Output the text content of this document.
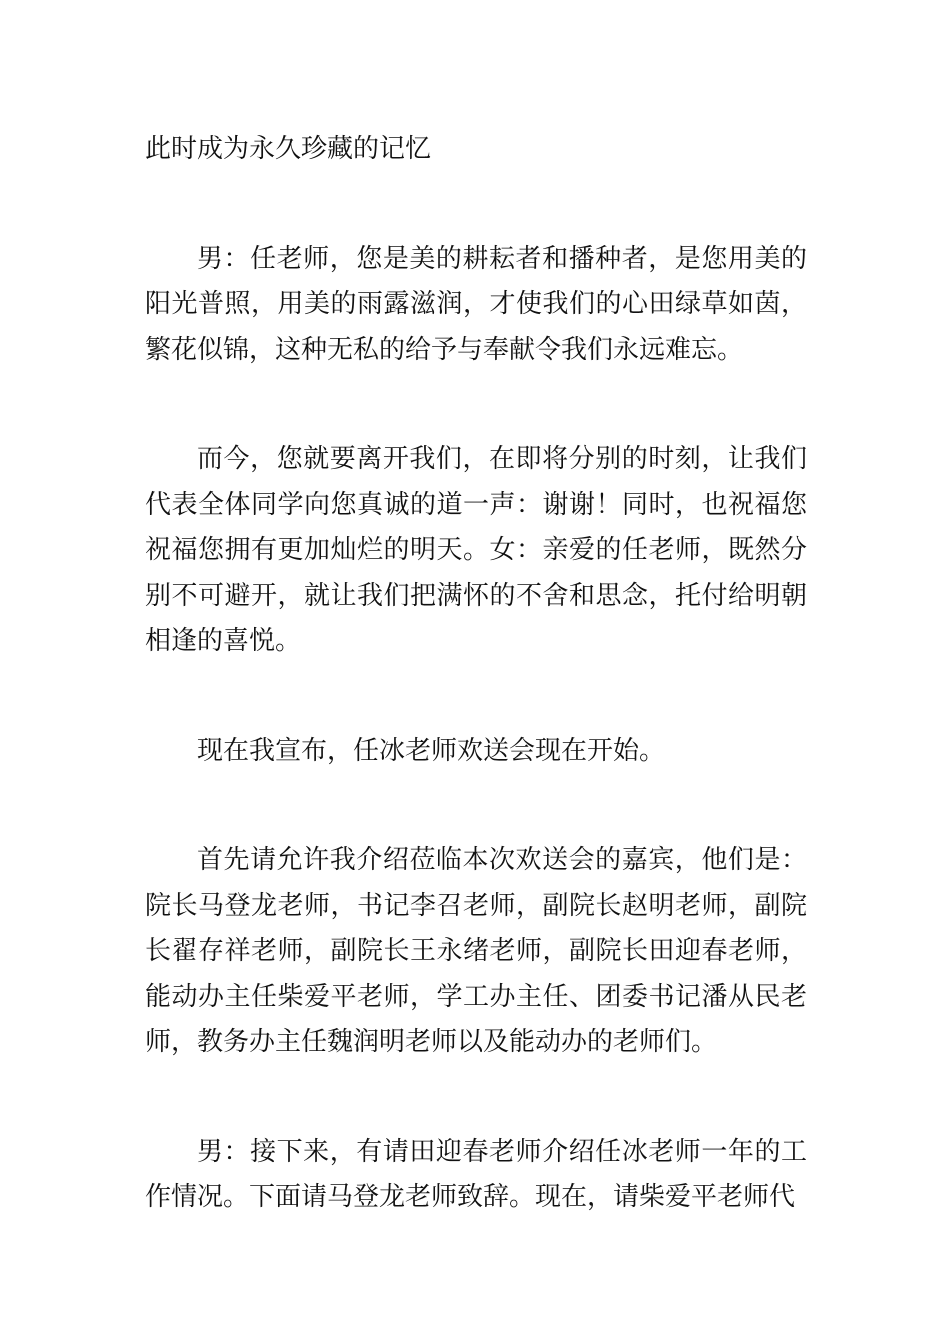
此时成为永久珍藏的记忆

男：任老师，您是美的耕耘者和播种者，是您用美的阳光普照，用美的雨露滋润，才使我们的心田绿草如茵，繁花似锦，这种无私的给予与奉献令我们永远难忘。

而今，您就要离开我们，在即将分别的时刻，让我们代表全体同学向您真诚的道一声：谢谢！同时，也祝福您祝福您拥有更加灿烂的明天。女：亲爱的任老师，既然分别不可避开，就让我们把满怀的不舍和思念，托付给明朝相逢的喜悦。

现在我宣布，任冰老师欢送会现在开始。

首先请允许我介绍莅临本次欢送会的嘉宾，他们是：院长马登龙老师，书记李召老师，副院长赵明老师，副院长翟存祥老师，副院长王永绪老师，副院长田迎春老师，能动办主任柴爱平老师，学工办主任、团委书记潘从民老师，教务办主任魏润明老师以及能动办的老师们。

男：接下来，有请田迎春老师介绍任冰老师一年的工作情况。下面请马登龙老师致辞。现在，请柴爱平老师代
